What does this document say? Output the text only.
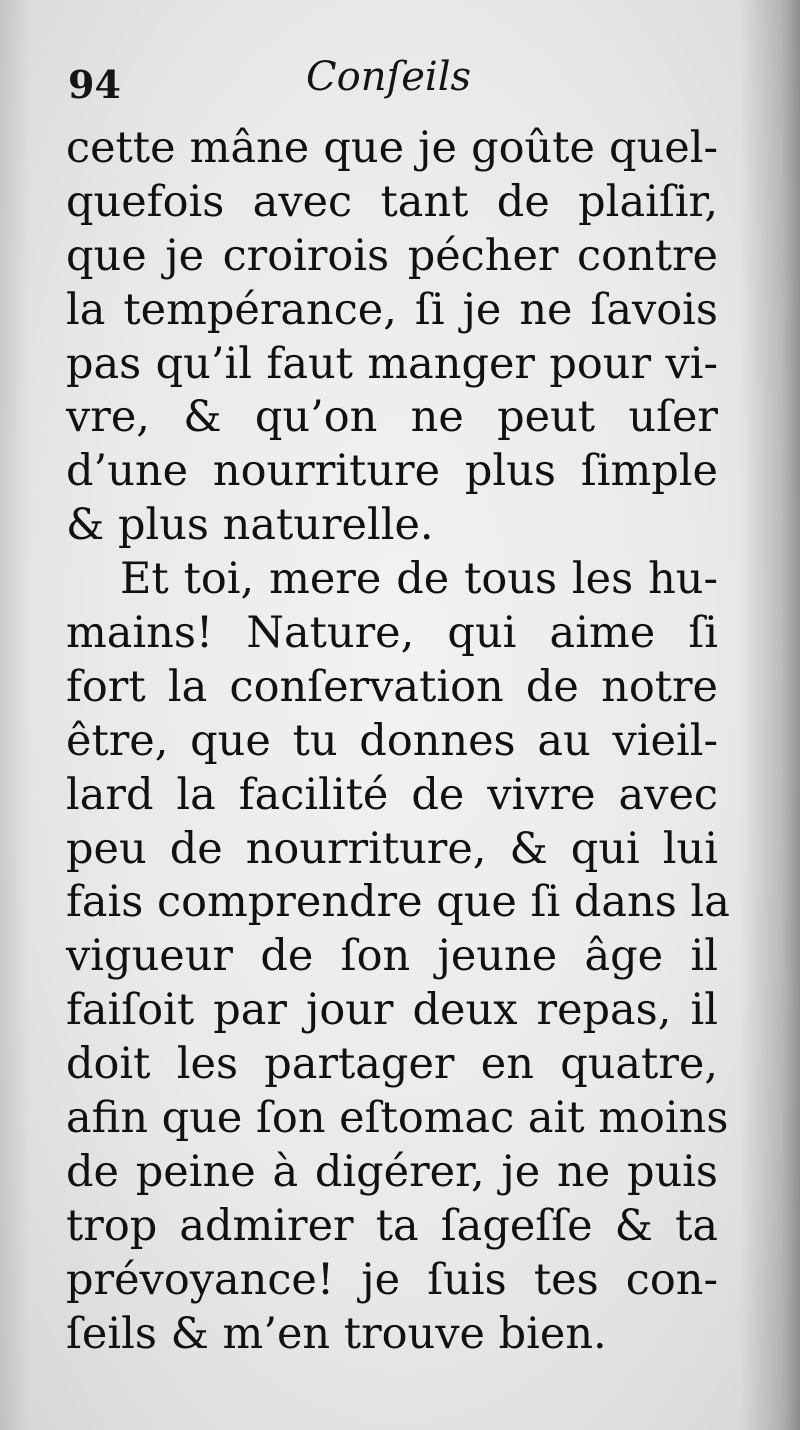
94	Conſeils
cette mâne que je goûte quel-
quefois avec tant de plaiſir,
que je croirois pécher contre
la tempérance, ſi je ne ſavois
pas qu’il faut manger pour vi-
vre, & qu’on ne peut uſer
d’une nourriture plus ſimple
& plus naturelle.
Et toi, mere de tous les hu-
mains! Nature, qui aime ſi
fort la conſervation de notre
être, que tu donnes au vieil-
lard la facilité de vivre avec
peu de nourriture, & qui lui
fais comprendre que ſi dans la
vigueur de ſon jeune âge il
faiſoit par jour deux repas, il
doit les partager en quatre,
afin que ſon eſtomac ait moins
de peine à digérer, je ne puis
trop admirer ta ſageſſe & ta
prévoyance! je ſuis tes con-
ſeils & m’en trouve bien.
